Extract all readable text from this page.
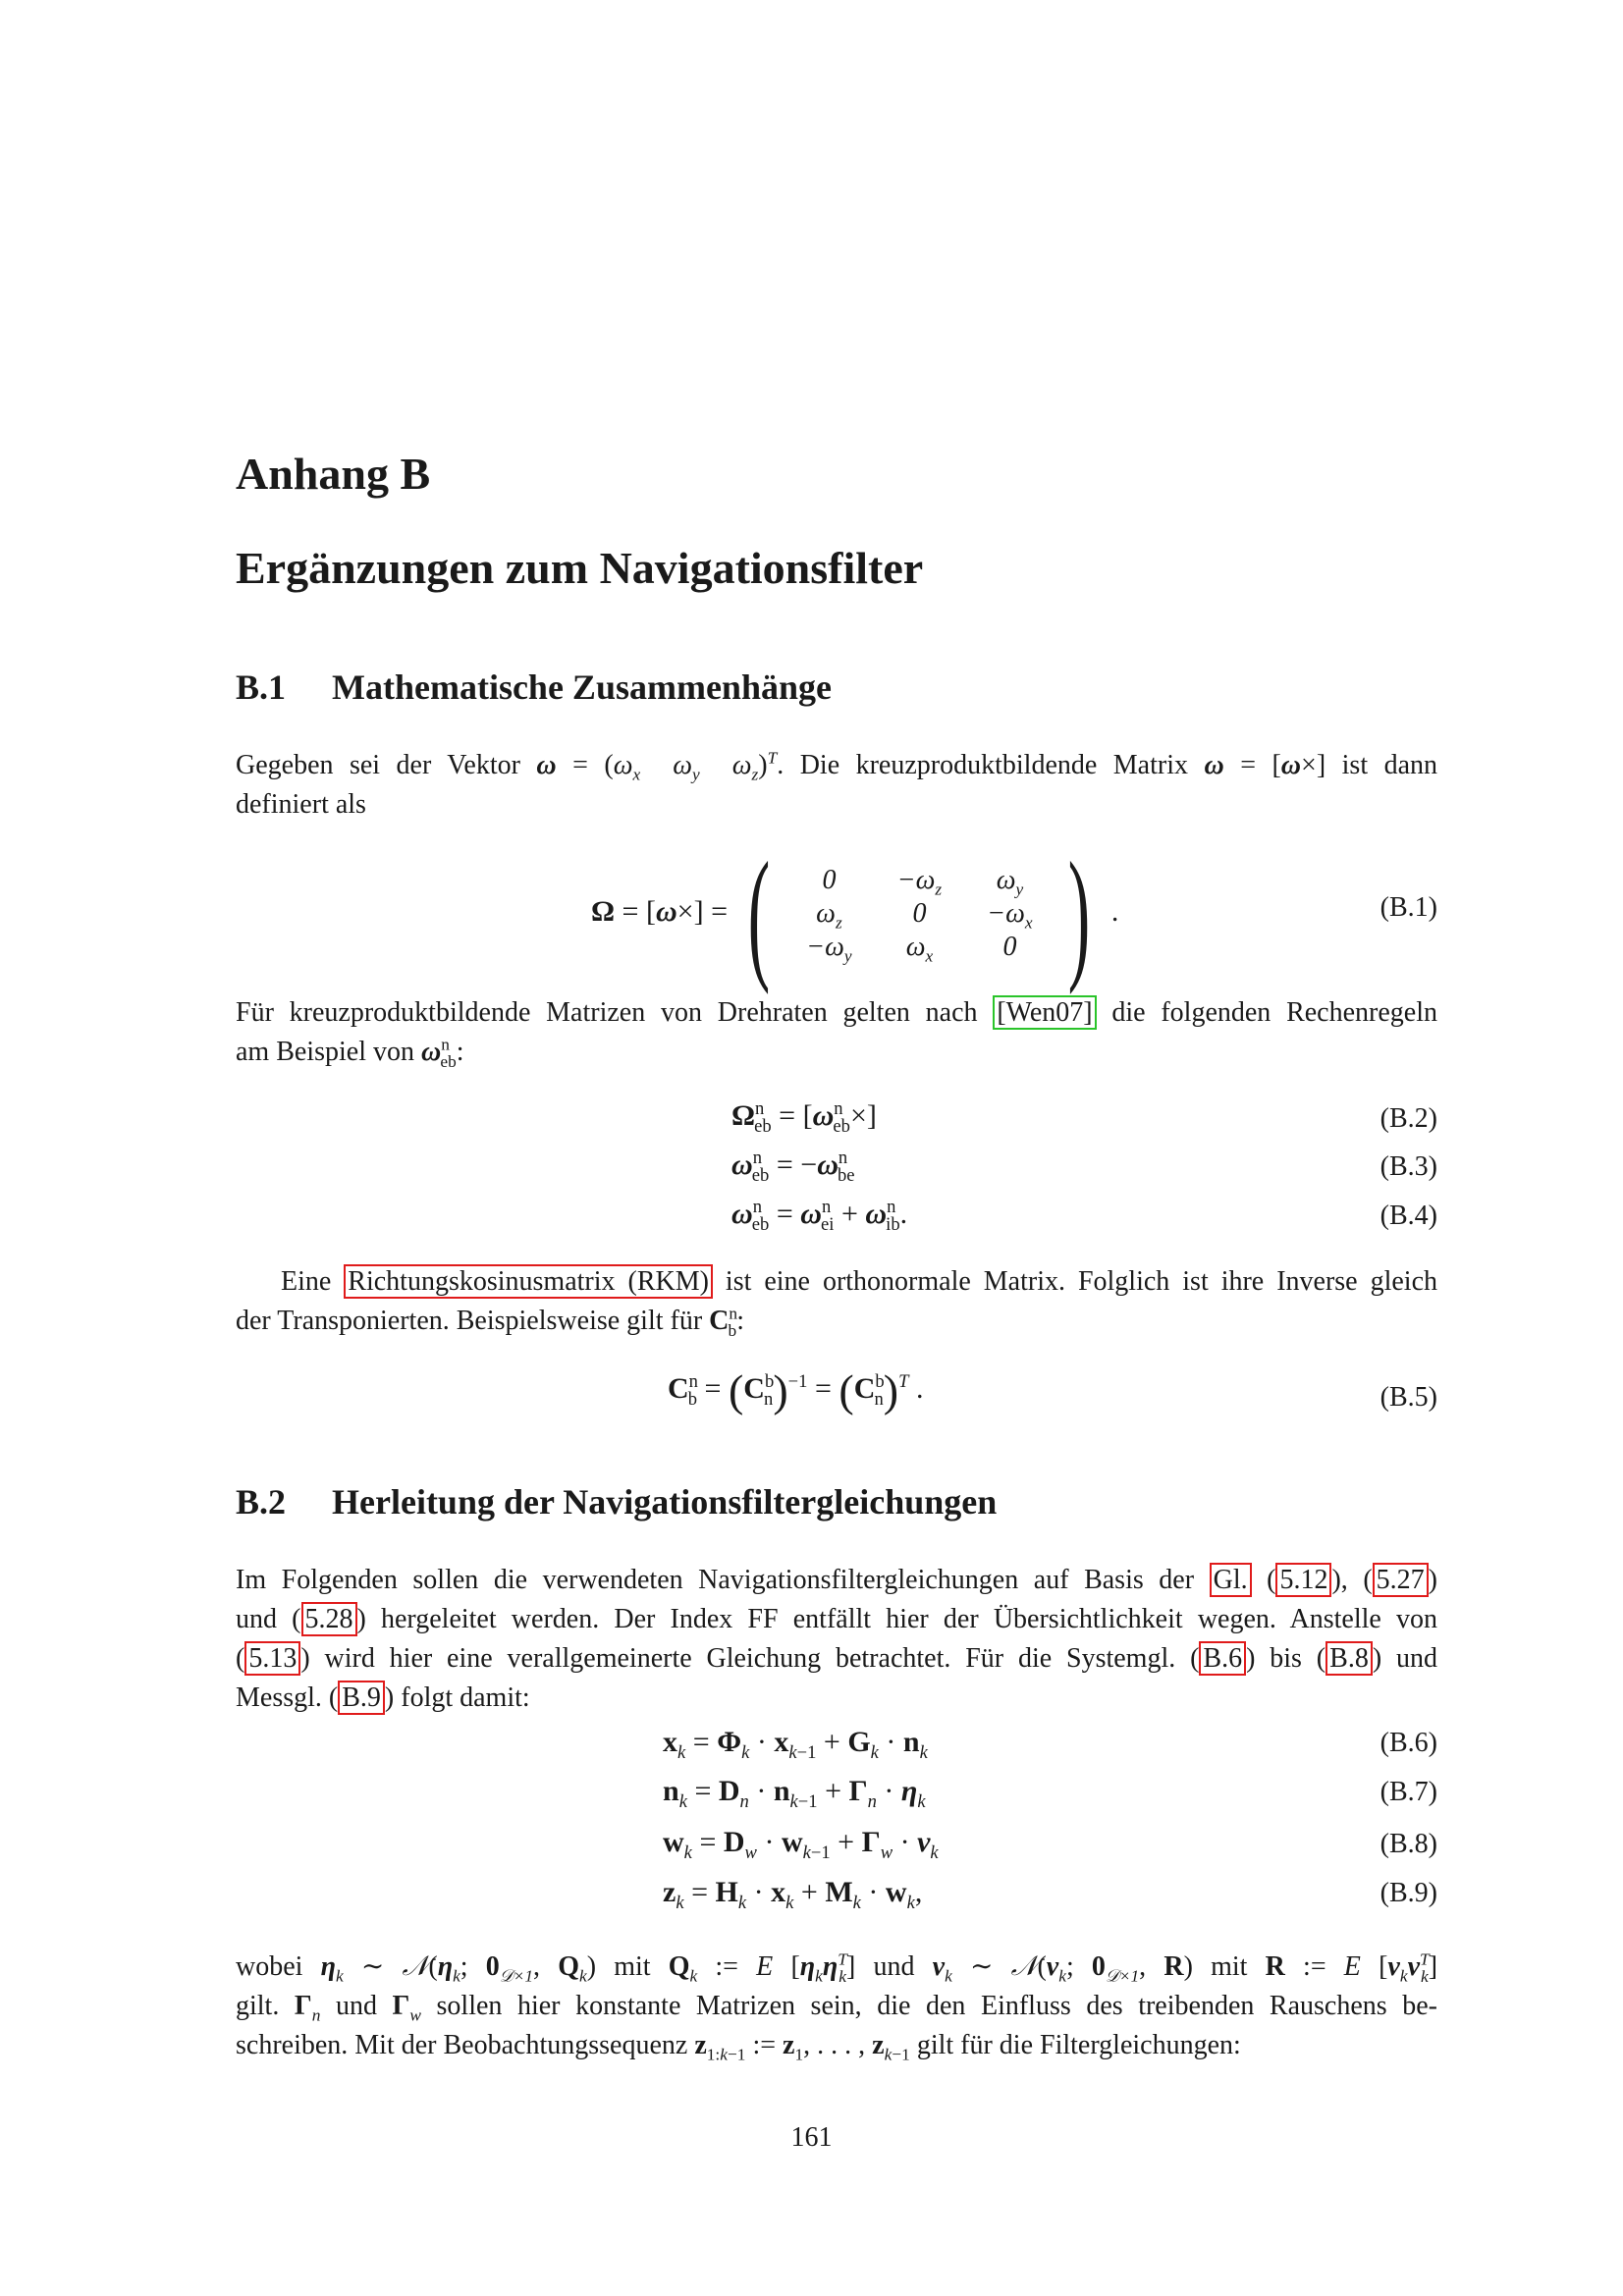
Anhang B
Ergänzungen zum Navigationsfilter
B.1 Mathematische Zusammenhänge
Gegeben sei der Vektor $\omega = (\omega_x$ $\omega_y$ $\omega_z)^T$. Die kreuzproduktbildende Matrix ω = [ω×] ist dann
definiert als
Ω = [ω×] = (	0	$-\omega_z$	$\omega_y$
$\omega_z$	0	$-\omega_x$
$-\omega_y$	$\omega_x$	0 ) .	(B.1)
Für kreuzproduktbildende Matrizen von Drehraten gelten nach [Wen07] die folgenden Rechenregeln
am Beispiel von $\omega^n_{eb}$:
$\Omega^n_{eb} = [\omega^n_{eb}\times]$	(B.2)
$\omega^n_{eb} = -\omega^n_{be}$	(B.3)
$\omega^n_{eb} = \omega^n_{ei} + \omega^n_{ib}$.	(B.4)
Eine Richtungskosinusmatrix (RKM) ist eine orthonormale Matrix. Folglich ist ihre Inverse gleich
der Transponierten. Beispielsweise gilt für $C^n_b$:
$C^n_b = (C^b_n)^{-1} = (C^b_n)^T$ .	(B.5)
B.2 Herleitung der Navigationsfiltergleichungen
Im Folgenden sollen die verwendeten Navigationsfiltergleichungen auf Basis der Gl. ( 5.12 ), ( 5.27 )
und ( 5.28 ) hergeleitet werden. Der Index FF entfällt hier der Übersichtlichkeit wegen. Anstelle von
( 5.13 ) wird hier eine verallgemeinerte Gleichung betrachtet. Für die Systemgl. ( B.6 ) bis ( B.8 ) und
Messgl. ( B.9 ) folgt damit:
$x_k = \Phi_k \cdot x_{k-1} + G_k \cdot n_k$	(B.6)
$n_k = D_n \cdot n_{k-1} + \Gamma_n \cdot \eta_k$	(B.7)
$w_k = D_w \cdot w_{k-1} + \Gamma_w \cdot \nu_k$	(B.8)
$z_k = H_k \cdot x_k + M_k \cdot w_k$,	(B.9)
wobei $\eta_k$ ∼ $𝒩(\eta_k$; $0_{𝒟\times 1}$, $Q_k$) mit $Q_k$ := E $[\eta_k\eta^T_k]$ und $\nu_k$ ∼ $𝒩(\nu_k$; $0_{𝒟\times 1}$, R) mit R := E $[\nu_k\nu^T_k]$
gilt. $\Gamma_n$ und $\Gamma_w$ sollen hier konstante Matrizen sein, die den Einfluss des treibenden Rauschens be-
schreiben. Mit der Beobachtungssequenz $z_{1:k-1}$ := $z_1$, . . . , $z_{k-1}$ gilt für die Filtergleichungen:
161
